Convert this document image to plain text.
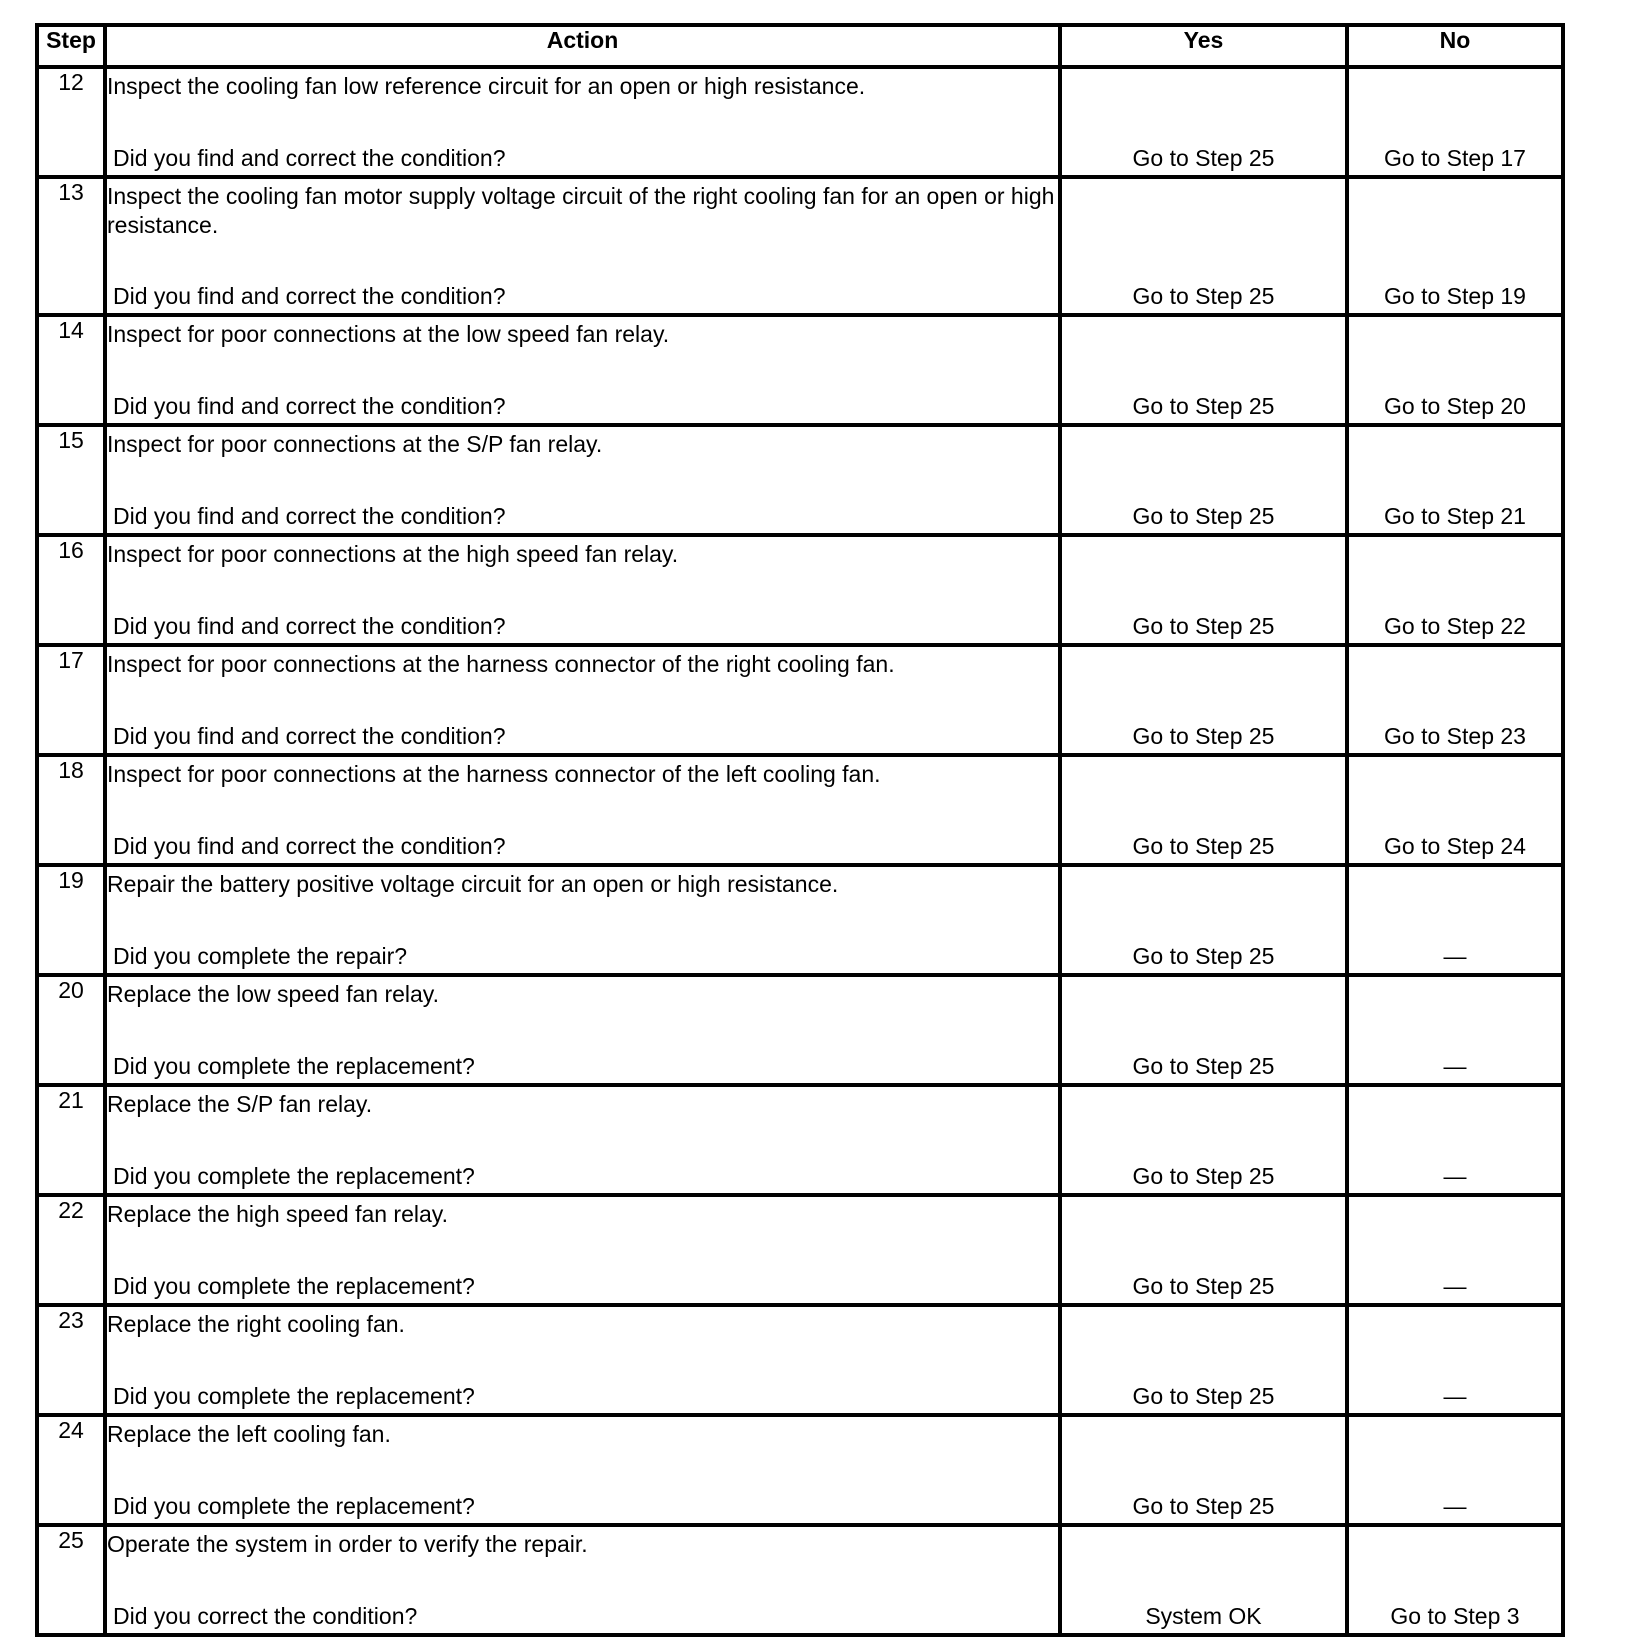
Step	Action	Yes	No
12	Inspect the cooling fan low reference circuit for an open or high resistance.
Did you find and correct the condition?	Go to Step 25	Go to Step 17

13	Inspect the cooling fan motor supply voltage circuit of the right cooling fan for an open or high resistance.
Did you find and correct the condition?	Go to Step 25	Go to Step 19

14	Inspect for poor connections at the low speed fan relay.
Did you find and correct the condition?	Go to Step 25	Go to Step 20

15	Inspect for poor connections at the S/P fan relay.
Did you find and correct the condition?	Go to Step 25	Go to Step 21

16	Inspect for poor connections at the high speed fan relay.
Did you find and correct the condition?	Go to Step 25	Go to Step 22

17	Inspect for poor connections at the harness connector of the right cooling fan.
Did you find and correct the condition?	Go to Step 25	Go to Step 23

18	Inspect for poor connections at the harness connector of the left cooling fan.
Did you find and correct the condition?	Go to Step 25	Go to Step 24

19	Repair the battery positive voltage circuit for an open or high resistance.
Did you complete the repair?	Go to Step 25	—

20	Replace the low speed fan relay.
Did you complete the replacement?	Go to Step 25	—

21	Replace the S/P fan relay.
Did you complete the replacement?	Go to Step 25	—

22	Replace the high speed fan relay.
Did you complete the replacement?	Go to Step 25	—

23	Replace the right cooling fan.
Did you complete the replacement?	Go to Step 25	—

24	Replace the left cooling fan.
Did you complete the replacement?	Go to Step 25	—

25	Operate the system in order to verify the repair.
Did you correct the condition?	System OK	Go to Step 3
